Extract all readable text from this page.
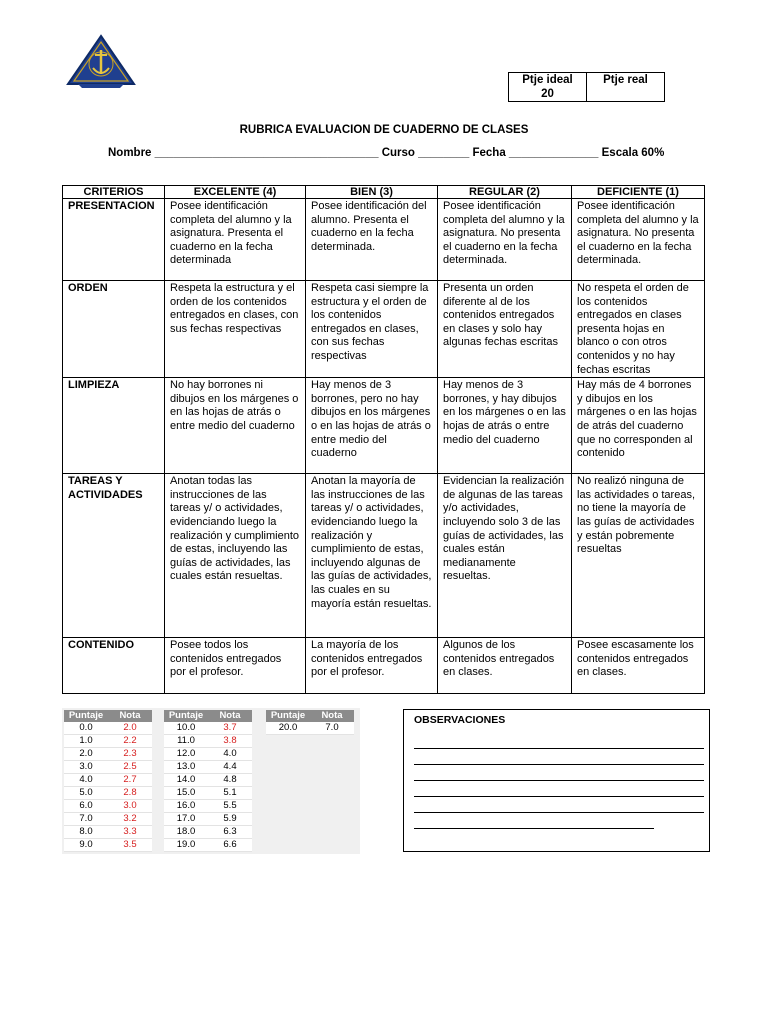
Ptje ideal
20

Ptje real
RUBRICA EVALUACION DE CUADERNO DE CLASES
Nombre ___________________________________ Curso ________ Fecha ______________ Escala 60%
CRITERIOS	EXCELENTE (4)	BIEN (3)	REGULAR (2)	DEFICIENTE (1)
PRESENTACION	Posee identificación completa del alumno y la asignatura. Presenta el cuaderno en la fecha determinada	Posee identificación del alumno. Presenta el cuaderno en la fecha determinada.	Posee identificación completa del alumno y la asignatura. No presenta el cuaderno en la fecha determinada.	Posee identificación completa del alumno y la asignatura. No presenta el cuaderno en la fecha determinada.
ORDEN	Respeta la estructura y el orden de los contenidos entregados en clases, con sus fechas respectivas	Respeta casi siempre la estructura y el orden de los contenidos entregados en clases, con sus fechas respectivas	Presenta un orden diferente al de los contenidos entregados en clases y solo hay algunas fechas escritas	No respeta el orden de los contenidos entregados en clases presenta hojas en blanco o con otros contenidos y no hay fechas escritas
LIMPIEZA	No hay borrones ni dibujos en los márgenes o en las hojas de atrás o entre medio del cuaderno	Hay menos de 3 borrones, pero no hay dibujos en los márgenes o en las hojas de atrás o entre medio del cuaderno	Hay menos de 3 borrones, y hay dibujos en los márgenes o en las hojas de atrás o entre medio del cuaderno	Hay más de 4 borrones y dibujos en los márgenes o en las hojas de atrás del cuaderno que no corresponden al contenido
TAREAS Y ACTIVIDADES	Anotan todas las instrucciones de las tareas y/ o actividades, evidenciando luego la realización y cumplimiento de estas, incluyendo las guías de actividades, las cuales están resueltas.	Anotan la mayoría de las instrucciones de las tareas y/ o actividades, evidenciando luego la realización y cumplimiento de estas, incluyendo algunas de las guías de actividades, las cuales en su mayoría están resueltas.	Evidencian la realización de algunas de las tareas y/o actividades, incluyendo solo 3 de las guías de actividades, las cuales están medianamente resueltas.	No realizó ninguna de las actividades o tareas, no tiene la mayoría de las guías de actividades y están pobremente resueltas
CONTENIDO	Posee todos los contenidos entregados por el profesor.	La mayoría de los contenidos entregados por el profesor.	Algunos de los contenidos entregados en clases.	Posee escasamente los contenidos entregados en clases.
Puntaje	Nota
0.0	2.0
1.0	2.2
2.0	2.3
3.0	2.5
4.0	2.7
5.0	2.8
6.0	3.0
7.0	3.2
8.0	3.3
9.0	3.5
Puntaje	Nota
10.0	3.7
11.0	3.8
12.0	4.0
13.0	4.4
14.0	4.8
15.0	5.1
16.0	5.5
17.0	5.9
18.0	6.3
19.0	6.6
Puntaje	Nota
20.0	7.0
OBSERVACIONES
